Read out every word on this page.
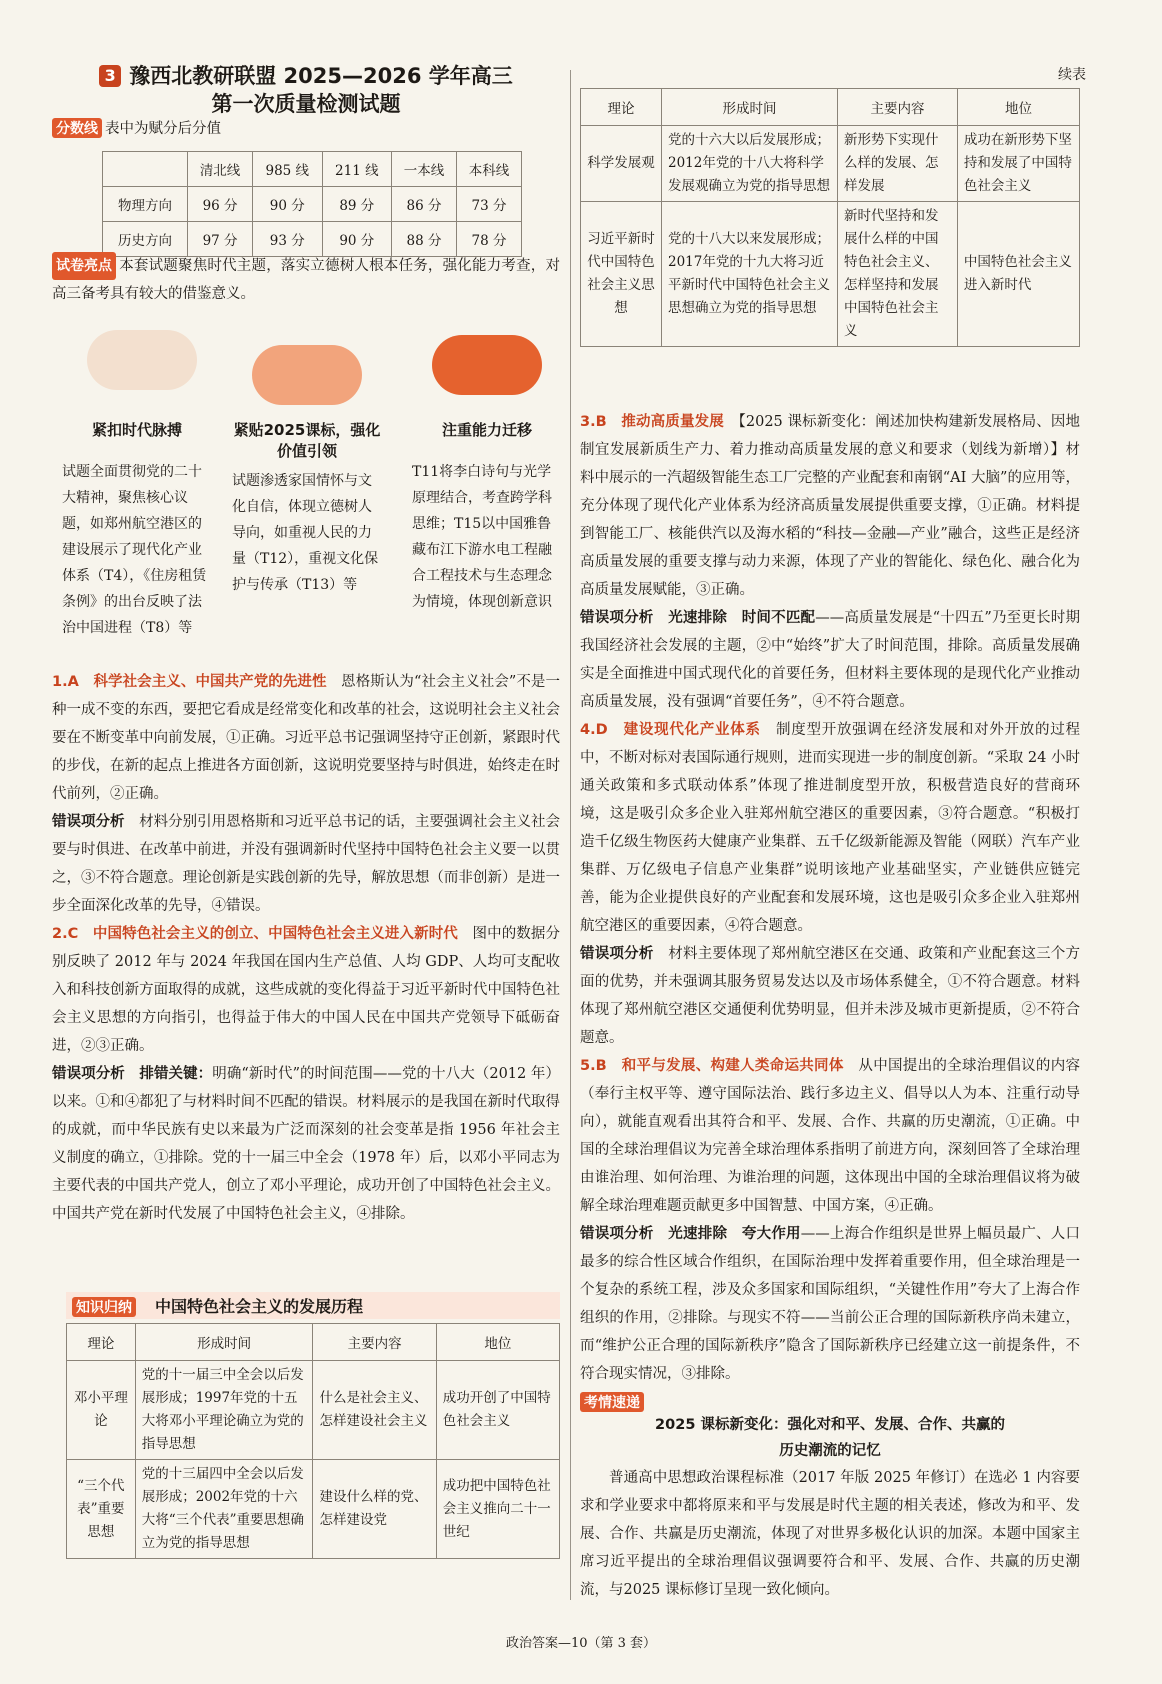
3 豫西北教研联盟 2025—2026 学年高三
第一次质量检测试题
分数线 表中为赋分后分值
	清北线	985 线	211 线	一本线	本科线
物理方向	96 分	90 分	89 分	86 分	73 分
历史方向	97 分	93 分	90 分	88 分	78 分

试卷亮点 本套试题聚焦时代主题，落实立德树人根本任务，强化能力考查，对高三备考具有较大的借鉴意义。

紧扣时代脉搏
试题全面贯彻党的二十大精神，聚焦核心议题，如郑州航空港区的建设展示了现代化产业体系（T4），《住房租赁条例》的出台反映了法治中国进程（T8）等
紧贴2025课标，强化价值引领
试题渗透家国情怀与文化自信，体现立德树人导向，如重视人民的力量（T12），重视文化保护与传承（T13）等
注重能力迁移
T11将李白诗句与光学原理结合，考查跨学科思维；T15以中国雅鲁藏布江下游水电工程融合工程技术与生态理念为情境，体现创新意识

1.A　科学社会主义、中国共产党的先进性　 恩格斯认为“社会主义社会”不是一种一成不变的东西，要把它看成是经常变化和改革的社会，这说明社会主义社会要在不断变革中向前发展，①正确。习近平总书记强调坚持守正创新，紧跟时代的步伐，在新的起点上推进各方面创新，这说明党要坚持与时俱进，始终走在时代前列，②正确。

错误项分析　 材料分别引用恩格斯和习近平总书记的话，主要强调社会主义社会要与时俱进、在改革中前进，并没有强调新时代坚持中国特色社会主义要一以贯之，③不符合题意。理论创新是实践创新的先导，解放思想（而非创新）是进一步全面深化改革的先导，④错误。

2.C　中国特色社会主义的创立、中国特色社会主义进入新时代　 图中的数据分别反映了 2012 年与 2024 年我国在国内生产总值、人均 GDP、人均可支配收入和科技创新方面取得的成就，这些成就的变化得益于习近平新时代中国特色社会主义思想的方向指引，也得益于伟大的中国人民在中国共产党领导下砥砺奋进，②③正确。

错误项分析　排错关键：明确“新时代”的时间范围——党的十八大（2012 年）以来。①和④都犯了与材料时间不匹配的错误。材料展示的是我国在新时代取得的成就，而中华民族有史以来最为广泛而深刻的社会变革是指 1956 年社会主义制度的确立，①排除。党的十一届三中全会（1978 年）后，以邓小平同志为主要代表的中国共产党人，创立了邓小平理论，成功开创了中国特色社会主义。中国共产党在新时代发展了中国特色社会主义，④排除。

知识归纳　 中国特色社会主义的发展历程
理论	形成时间	主要内容	地位
邓小平理论	党的十一届三中全会以后发展形成；1997年党的十五大将邓小平理论确立为党的指导思想	什么是社会主义、怎样建设社会主义	成功开创了中国特色社会主义
“三个代表”重要思想	党的十三届四中全会以后发展形成；2002年党的十六大将“三个代表”重要思想确立为党的指导思想	建设什么样的党、怎样建设党	成功把中国特色社会主义推向二十一世纪
续表
理论	形成时间	主要内容	地位
科学发展观	党的十六大以后发展形成；2012年党的十八大将科学发展观确立为党的指导思想	新形势下实现什么样的发展、怎样发展	成功在新形势下坚持和发展了中国特色社会主义
习近平新时代中国特色社会主义思想	党的十八大以来发展形成；2017年党的十九大将习近平新时代中国特色社会主义思想确立为党的指导思想	新时代坚持和发展什么样的中国特色社会主义、怎样坚持和发展中国特色社会主义	中国特色社会主义进入新时代

3.B　推动高质量发展　 【2025 课标新变化：阐述加快构建新发展格局、因地制宜发展新质生产力、着力推动高质量发展的意义和要求（划线为新增）】材料中展示的一汽超级智能生态工厂完整的产业配套和南钢“AI 大脑”的应用等，充分体现了现代化产业体系为经济高质量发展提供重要支撑，①正确。材料提到智能工厂、核能供汽以及海水稻的“科技—金融—产业”融合，这些正是经济高质量发展的重要支撑与动力来源，体现了产业的智能化、绿色化、融合化为高质量发展赋能，③正确。

错误项分析　光速排除　时间不匹配——高质量发展是“十四五”乃至更长时期我国经济社会发展的主题，②中“始终”扩大了时间范围，排除。高质量发展确实是全面推进中国式现代化的首要任务，但材料主要体现的是现代化产业推动高质量发展，没有强调“首要任务”，④不符合题意。

4.D　建设现代化产业体系　 制度型开放强调在经济发展和对外开放的过程中，不断对标对表国际通行规则，进而实现进一步的制度创新。“采取 24 小时通关政策和多式联动体系”体现了推进制度型开放，积极营造良好的营商环境，这是吸引众多企业入驻郑州航空港区的重要因素，③符合题意。“积极打造千亿级生物医药大健康产业集群、五千亿级新能源及智能（网联）汽车产业集群、万亿级电子信息产业集群”说明该地产业基础坚实，产业链供应链完善，能为企业提供良好的产业配套和发展环境，这也是吸引众多企业入驻郑州航空港区的重要因素，④符合题意。

错误项分析　 材料主要体现了郑州航空港区在交通、政策和产业配套这三个方面的优势，并未强调其服务贸易发达以及市场体系健全，①不符合题意。材料体现了郑州航空港区交通便利优势明显，但并未涉及城市更新提质，②不符合题意。

5.B　和平与发展、构建人类命运共同体　 从中国提出的全球治理倡议的内容（奉行主权平等、遵守国际法治、践行多边主义、倡导以人为本、注重行动导向），就能直观看出其符合和平、发展、合作、共赢的历史潮流，①正确。中国的全球治理倡议为完善全球治理体系指明了前进方向，深刻回答了全球治理由谁治理、如何治理、为谁治理的问题，这体现出中国的全球治理倡议将为破解全球治理难题贡献更多中国智慧、中国方案，④正确。

错误项分析　光速排除　夸大作用——上海合作组织是世界上幅员最广、人口最多的综合性区域合作组织，在国际治理中发挥着重要作用，但全球治理是一个复杂的系统工程，涉及众多国家和国际组织，“关键性作用”夸大了上海合作组织的作用，②排除。与现实不符——当前公正合理的国际新秩序尚未建立，而“维护公正合理的国际新秩序”隐含了国际新秩序已经建立这一前提条件，不符合现实情况，③排除。

考情速递
2025 课标新变化：强化对和平、发展、合作、共赢的
历史潮流的记忆

普通高中思想政治课程标准（2017 年版 2025 年修订）在选必 1 内容要求和学业要求中都将原来和平与发展是时代主题的相关表述，修改为和平、发展、合作、共赢是历史潮流，体现了对世界多极化认识的加深。本题中国家主席习近平提出的全球治理倡议强调要符合和平、发展、合作、共赢的历史潮流，与2025 课标修订呈现一致化倾向。

政治答案—10（第 3 套）
